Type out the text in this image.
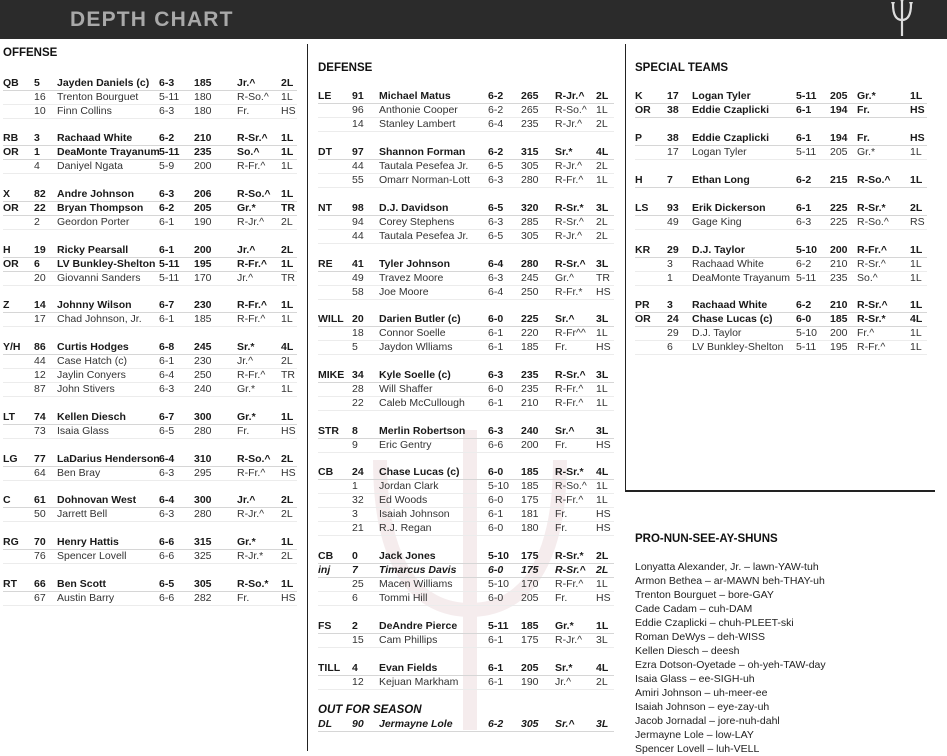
DEPTH CHART
OFFENSE
DEFENSE	SPECIAL TEAMS
QB 5 Jayden Daniels (c) 6-3 185 Jr.^ 2L
16 Trenton Bourguet 5-11 180 R-So.^ 1L
10 Finn Collins	6-3 180 Fr.	HS
RB 3 Rachaad White	6-2 210 R-Sr.^ 1L
OR 1 DeaMonte Trayanum 5-11 235 So.^ 1L
4 Daniyel Ngata	5-9 200 R-Fr.^ 1L
X 82 Andre Johnson 6-3 206 R-So.^ 1L
OR 22 Bryan Thompson 6-2 205 Gr.* TR
2 Geordon Porter	6-1 190 R-Jr.^ 2L
H 19 Ricky Pearsall	6-1 200 Jr.^ 2L
OR 6 LV Bunkley-Shelton 5-11 195 R-Fr.^ 1L
20 Giovanni Sanders 5-11 170 Jr.^	TR
Z 14 Johnny Wilson	6-7 230 R-Fr.^ 1L
17 Chad Johnson, Jr. 6-1 185 R-Fr.^ 1L
Y/H 86 Curtis Hodges	6-8 245 Sr.*	4L
44 Case Hatch (c)	6-1 230 Jr.^	2L
12 Jaylin Conyers	6-4 250 R-Fr.^ TR
87 John Stivers	6-3 240 Gr.* 1L
LT 74 Kellen Diesch	6-7 300 Gr.* 1L
73 Isaia Glass	6-5 280 Fr.	HS
LG 77 LaDarius Henderson 6-4 310 R-So.^ 2L
64 Ben Bray	6-3 295 R-Fr.^ HS
C 61 Dohnovan West 6-4 300 Jr.^ 2L
50 Jarrett Bell	6-3 280 R-Jr.^ 2L
RG 70 Henry Hattis	6-6 315 Gr.* 1L
76 Spencer Lovell	6-6 325 R-Jr.* 2L
RT 66 Ben Scott	6-5 305 R-So.* 1L
67 Austin Barry	6-6 282 Fr.	HS
LE 91 Michael Matus	6-2 265 R-Jr.^ 2L
96 Anthonie Cooper	6-2 265 R-So.^ 1L
14 Stanley Lambert	6-4 235 R-Jr.^ 2L
DT 97 Shannon Forman 6-2 315 Sr.* 4L
44 Tautala Pesefea Jr. 6-5 305 R-Jr.^ 2L
55 Omarr Norman-Lott 6-3 280 R-Fr.^ 1L
NT 98 D.J. Davidson	6-5 320 R-Sr.* 3L
94 Corey Stephens	6-3 285 R-Sr.^ 2L
44 Tautala Pesefea Jr. 6-5 305 R-Jr.^ 2L
RE 41 Tyler Johnson	6-4 280 R-Sr.^ 3L
49 Travez Moore	6-3 245 Gr.^ TR
58 Joe Moore	6-4 250 R-Fr.* HS
WILL 20 Darien Butler (c)	6-0 225 Sr.^ 3L
18 Connor Soelle	6-1 220 R-Fr^^ 1L
5 Jaydon Wlliams	6-1 185 Fr.	HS
MIKE 34 Kyle Soelle (c)	6-3 235 R-Sr.^ 3L
28 Will Shaffer	6-0 235 R-Fr.^ 1L
22 Caleb McCullough 6-1 210 R-Fr.^ 1L
STR 8 Merlin Robertson 6-3 240 Sr.^ 3L
9 Eric Gentry	6-6 200 Fr.	HS
CB 24 Chase Lucas (c)	6-0 185 R-Sr.* 4L
1 Jordan Clark	5-10 185 R-So.^ 1L
32 Ed Woods	6-0 175 R-Fr.^ 1L
3 Isaiah Johnson	6-1 181 Fr.	HS
21 R.J. Regan	6-0 180 Fr.	HS
CB 0 Jack Jones	5-10 175 R-Sr.* 2L
inj 7 Timarcus Davis	6-0 175 R-Sr.^ 2L
25 Macen Williams	5-10 170 R-Fr.^ 1L
6 Tommi Hill	6-0 205 Fr.	HS
FS 2 DeAndre Pierce	5-11 185 Gr.* 1L
15 Cam Phillips	6-1 175 R-Jr.^ 3L
TILL 4 Evan Fields	6-1 205 Sr.* 4L
12 Kejuan Markham	6-1 190 Jr.^ 2L
K 17 Logan Tyler	5-11 205 Gr.*	1L
OR 38 Eddie Czaplicki	6-1 194 Fr.	HS
P 38 Eddie Czaplicki	6-1 194 Fr.	HS
17 Logan Tyler	5-11 205 Gr.*	1L
H 7 Ethan Long	6-2 215 R-So.^ 1L
LS 93 Erik Dickerson	6-1 225 R-Sr.* 2L
49 Gage King	6-3 225 R-So.^ RS
KR 29 D.J. Taylor	5-10 200 R-Fr.^ 1L
3 Rachaad White	6-2 210 R-Sr.^ 1L
1 DeaMonte Trayanum 5-11 235 So.^	1L
PR 3 Rachaad White	6-2 210 R-Sr.^ 1L
OR 24 Chase Lucas (c) 6-0 185 R-Sr.* 4L
29 D.J. Taylor	5-10 200 Fr.^	1L
6 LV Bunkley-Shelton 5-11 195 R-Fr.^ 1L
OUT FOR SEASON
DL 90 Jermayne Lole	6-2 305 Sr.^ 3L
PRO-NUN-SEE-AY-SHUNS
Lonyatta Alexander, Jr. – lawn-YAW-tuh
Armon Bethea – ar-MAWN beh-THAY-uh
Trenton Bourguet – bore-GAY
Cade Cadam – cuh-DAM
Eddie Czaplicki – chuh-PLEET-ski
Roman DeWys – deh-WISS
Kellen Diesch – deesh
Ezra Dotson-Oyetade – oh-yeh-TAW-day
Isaia Glass – ee-SIGH-uh
Amiri Johnson – uh-meer-ee
Isaiah Johnson – eye-zay-uh
Jacob Jornadal – jore-nuh-dahl
Jermayne Lole – low-LAY
Spencer Lovell – luh-VELL
